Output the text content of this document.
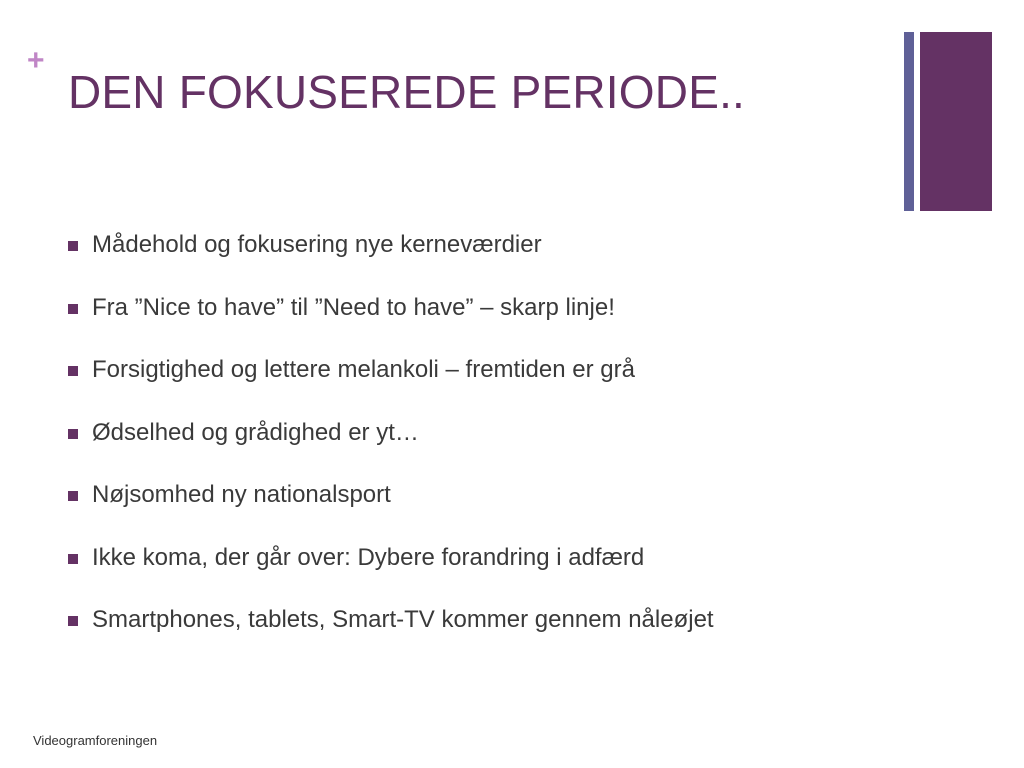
+
DEN FOKUSEREDE PERIODE..
Mådehold og fokusering nye kerneværdier
Fra ”Nice to have” til ”Need to have” – skarp linje!
Forsigtighed og lettere melankoli – fremtiden er grå
Ødselhed og grådighed er yt…
Nøjsomhed ny nationalsport
Ikke koma, der går over: Dybere forandring i adfærd
Smartphones, tablets, Smart-TV kommer gennem nåleøjet
Videogramforeningen
